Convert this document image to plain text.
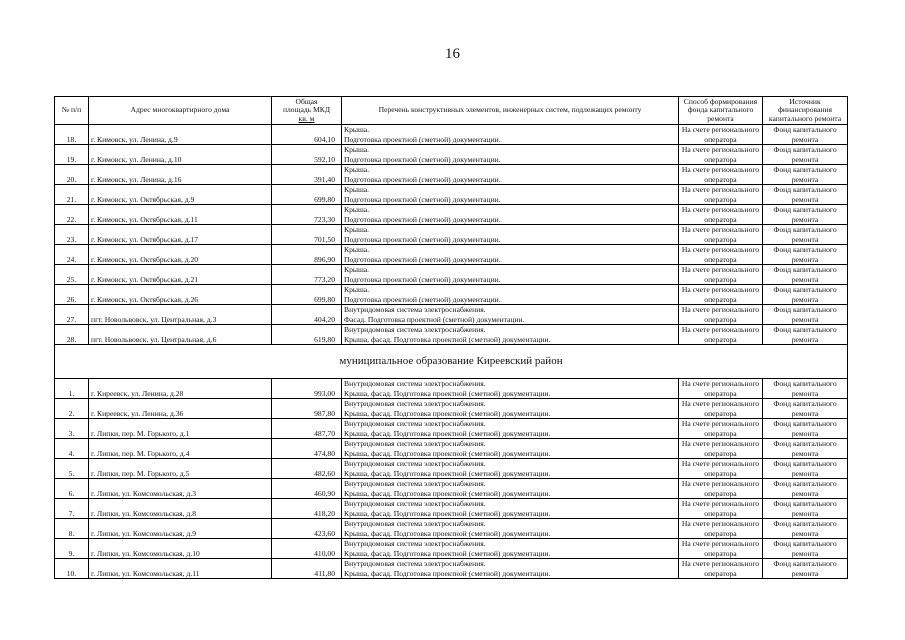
16
№ п/п	Адрес многоквартирного дома	Общая
площадь МКД
кв. м	Перечень конструктивных элементов, инженерных систем, подлежащих ремонту	Способ формирования фонда капитального ремонта	Источник финансирования капитального ремонта
18.	г. Кимовск, ул. Ленина, д.9	604,10	Крыша.
Подготовка проектной (сметной) документации.	На счете регионального
оператора	Фонд капитального
ремонта

19.	г. Кимовск, ул. Ленина, д.10	592,10	Крыша.
Подготовка проектной (сметной) документации.	На счете регионального
оператора	Фонд капитального
ремонта

20.	г. Кимовск, ул. Ленина, д.16	391,40	Крыша.
Подготовка проектной (сметной) документации.	На счете регионального
оператора	Фонд капитального
ремонта

21.	г. Кимовск, ул. Октябрьская, д.9	699,80	Крыша.
Подготовка проектной (сметной) документации.	На счете регионального
оператора	Фонд капитального
ремонта

22.	г. Кимовск, ул. Октябрьская, д.11	723,30	Крыша.
Подготовка проектной (сметной) документации.	На счете регионального
оператора	Фонд капитального
ремонта

23.	г. Кимовск, ул. Октябрьская, д.17	701,50	Крыша.
Подготовка проектной (сметной) документации.	На счете регионального
оператора	Фонд капитального
ремонта

24.	г. Кимовск, ул. Октябрьская, д.20	896,90	Крыша.
Подготовка проектной (сметной) документации.	На счете регионального
оператора	Фонд капитального
ремонта

25.	г. Кимовск, ул. Октябрьская, д.21	773,20	Крыша.
Подготовка проектной (сметной) документации.	На счете регионального
оператора	Фонд капитального
ремонта

26.	г. Кимовск, ул. Октябрьская, д.26	699,80	Крыша.
Подготовка проектной (сметной) документации.	На счете регионального
оператора	Фонд капитального
ремонта

27.	пгт. Новольвовск, ул. Центральная, д.3	404,20	Внутридомовая система электроснабжения.
Фасад. Подготовка проектной (сметной) документации.	На счете регионального
оператора	Фонд капитального
ремонта

28.	пгт. Новольвовск, ул. Центральная, д.6	619,80	Внутридомовая система электроснабжения.
Крыша, фасад. Подготовка проектной (сметной) документации.	На счете регионального
оператора	Фонд капитального
ремонта

муниципальное образование Киреевский район					
1.	г. Киреевск, ул. Ленина, д.28	993,00	Внутридомовая система электроснабжения.
Крыша, фасад. Подготовка проектной (сметной) документации.	На счете регионального
оператора	Фонд капитального
ремонта

2.	г. Киреевск, ул. Ленина, д.36	987,80	Внутридомовая система электроснабжения.
Крыша, фасад. Подготовка проектной (сметной) документации.	На счете регионального
оператора	Фонд капитального
ремонта

3.	г. Липки, пер. М. Горького, д.1	487,70	Внутридомовая система электроснабжения.
Крыша, фасад. Подготовка проектной (сметной) документации.	На счете регионального
оператора	Фонд капитального
ремонта

4.	г. Липки, пер. М. Горького, д.4	474,80	Внутридомовая система электроснабжения.
Крыша, фасад. Подготовка проектной (сметной) документации.	На счете регионального
оператора	Фонд капитального
ремонта

5.	г. Липки, пер. М. Горького, д.5	482,60	Внутридомовая система электроснабжения.
Крыша, фасад. Подготовка проектной (сметной) документации.	На счете регионального
оператора	Фонд капитального
ремонта

6.	г. Липки, ул. Комсомольская, д.3	460,90	Внутридомовая система электроснабжения.
Крыша, фасад. Подготовка проектной (сметной) документации.	На счете регионального
оператора	Фонд капитального
ремонта

7.	г. Липки, ул. Комсомольская, д.8	418,20	Внутридомовая система электроснабжения.
Крыша, фасад. Подготовка проектной (сметной) документации.	На счете регионального
оператора	Фонд капитального
ремонта

8.	г. Липки, ул. Комсомольская, д.9	423,60	Внутридомовая система электроснабжения.
Крыша, фасад. Подготовка проектной (сметной) документации.	На счете регионального
оператора	Фонд капитального
ремонта

9.	г. Липки, ул. Комсомольская, д.10	410,00	Внутридомовая система электроснабжения.
Крыша, фасад. Подготовка проектной (сметной) документации.	На счете регионального
оператора	Фонд капитального
ремонта

10.	г. Липки, ул. Комсомольская, д.11	411,80	Внутридомовая система электроснабжения.
Крыша, фасад. Подготовка проектной (сметной) документации.	На счете регионального
оператора	Фонд капитального
ремонта
